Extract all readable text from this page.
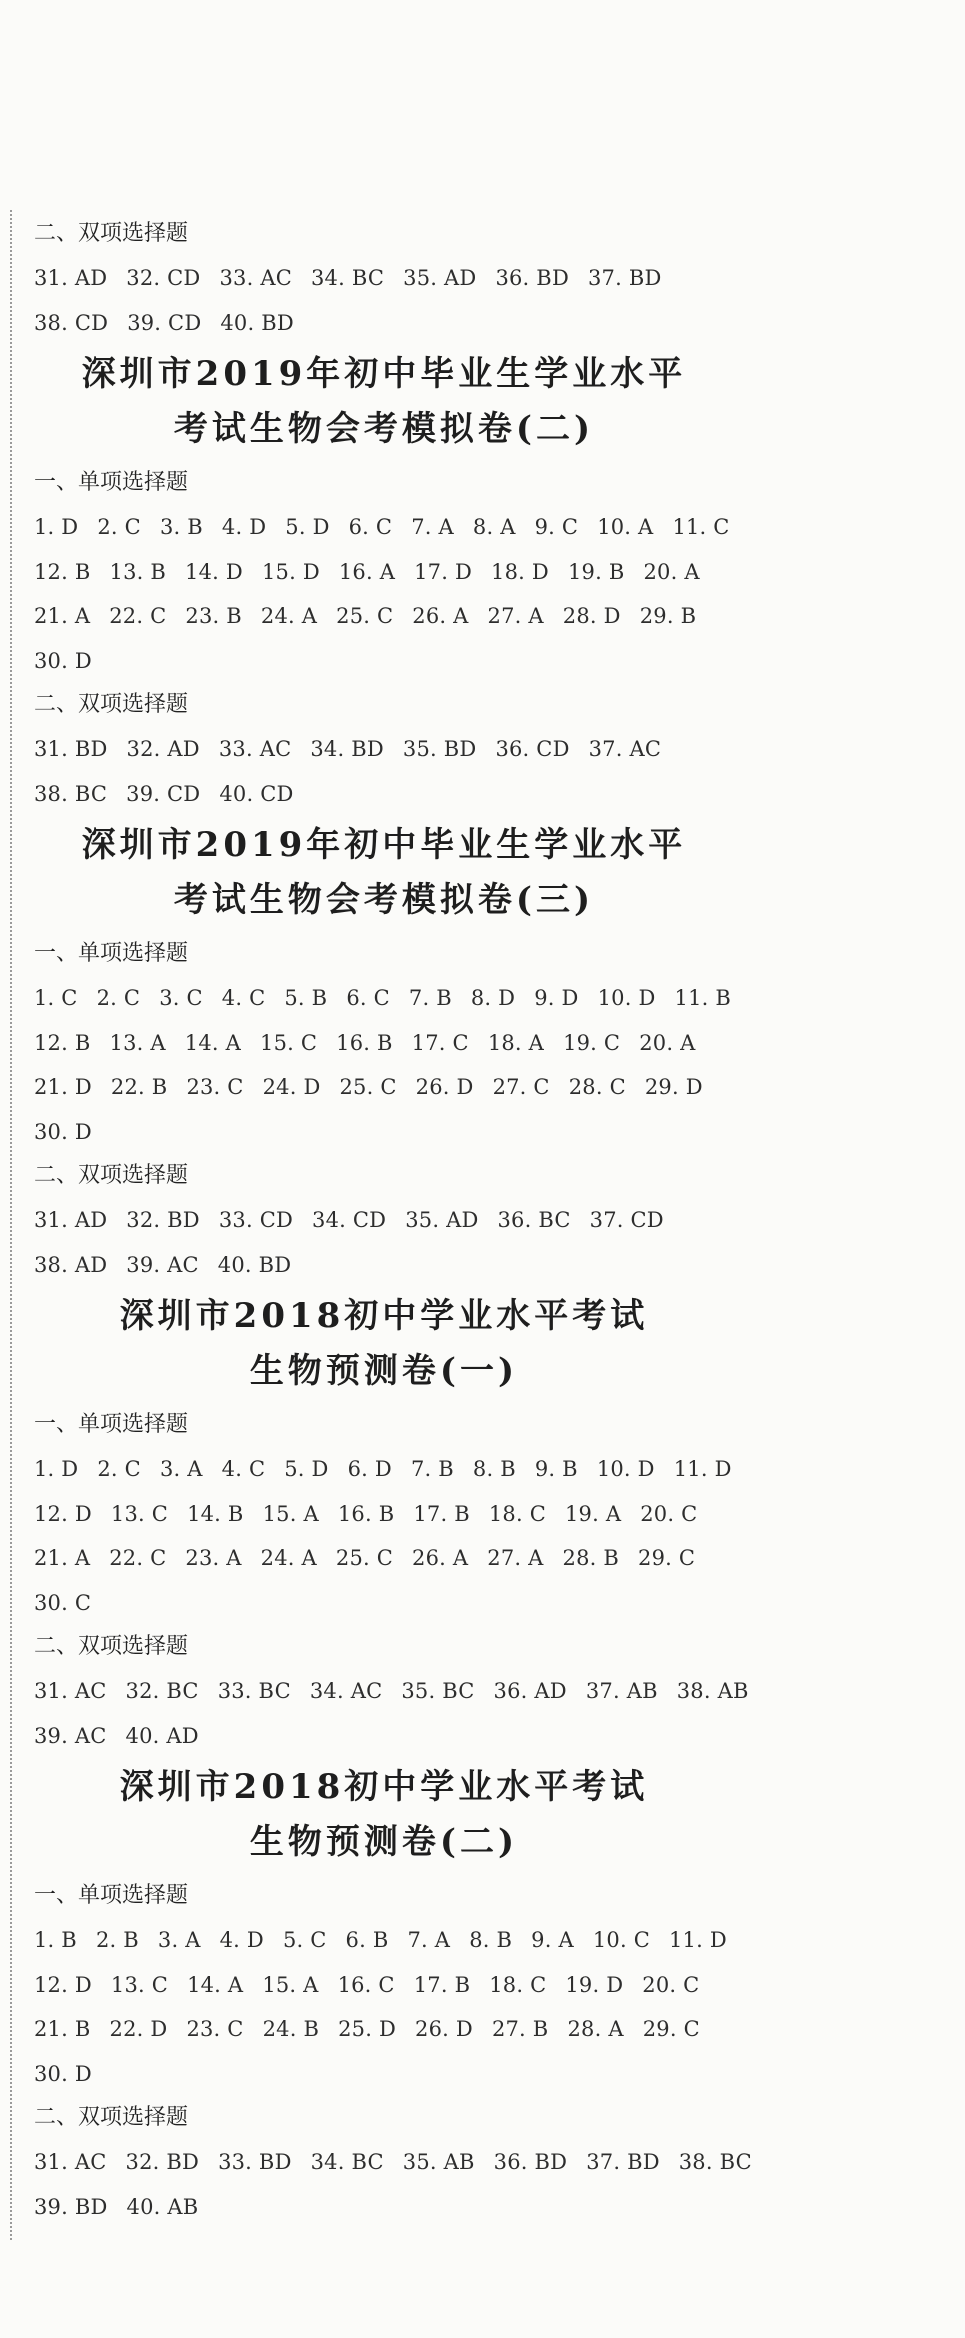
二、双项选择题
31. AD 32. CD 33. AC 34. BC 35. AD 36. BD 37. BD
38. CD 39. CD 40. BD
深圳市2019年初中毕业生学业水平
考试生物会考模拟卷(二)
一、单项选择题
1. D 2. C 3. B 4. D 5. D 6. C 7. A 8. A 9. C 10. A 11. C
12. B 13. B 14. D 15. D 16. A 17. D 18. D 19. B 20. A
21. A 22. C 23. B 24. A 25. C 26. A 27. A 28. D 29. B
30. D
二、双项选择题
31. BD 32. AD 33. AC 34. BD 35. BD 36. CD 37. AC
38. BC 39. CD 40. CD
深圳市2019年初中毕业生学业水平
考试生物会考模拟卷(三)
一、单项选择题
1. C 2. C 3. C 4. C 5. B 6. C 7. B 8. D 9. D 10. D 11. B
12. B 13. A 14. A 15. C 16. B 17. C 18. A 19. C 20. A
21. D 22. B 23. C 24. D 25. C 26. D 27. C 28. C 29. D
30. D
二、双项选择题
31. AD 32. BD 33. CD 34. CD 35. AD 36. BC 37. CD
38. AD 39. AC 40. BD
深圳市2018初中学业水平考试
生物预测卷(一)
一、单项选择题
1. D 2. C 3. A 4. C 5. D 6. D 7. B 8. B 9. B 10. D 11. D
12. D 13. C 14. B 15. A 16. B 17. B 18. C 19. A 20. C
21. A 22. C 23. A 24. A 25. C 26. A 27. A 28. B 29. C
30. C
二、双项选择题
31. AC 32. BC 33. BC 34. AC 35. BC 36. AD 37. AB 38. AB
39. AC 40. AD
深圳市2018初中学业水平考试
生物预测卷(二)
一、单项选择题
1. B 2. B 3. A 4. D 5. C 6. B 7. A 8. B 9. A 10. C 11. D
12. D 13. C 14. A 15. A 16. C 17. B 18. C 19. D 20. C
21. B 22. D 23. C 24. B 25. D 26. D 27. B 28. A 29. C
30. D
二、双项选择题
31. AC 32. BD 33. BD 34. BC 35. AB 36. BD 37. BD 38. BC
39. BD 40. AB
